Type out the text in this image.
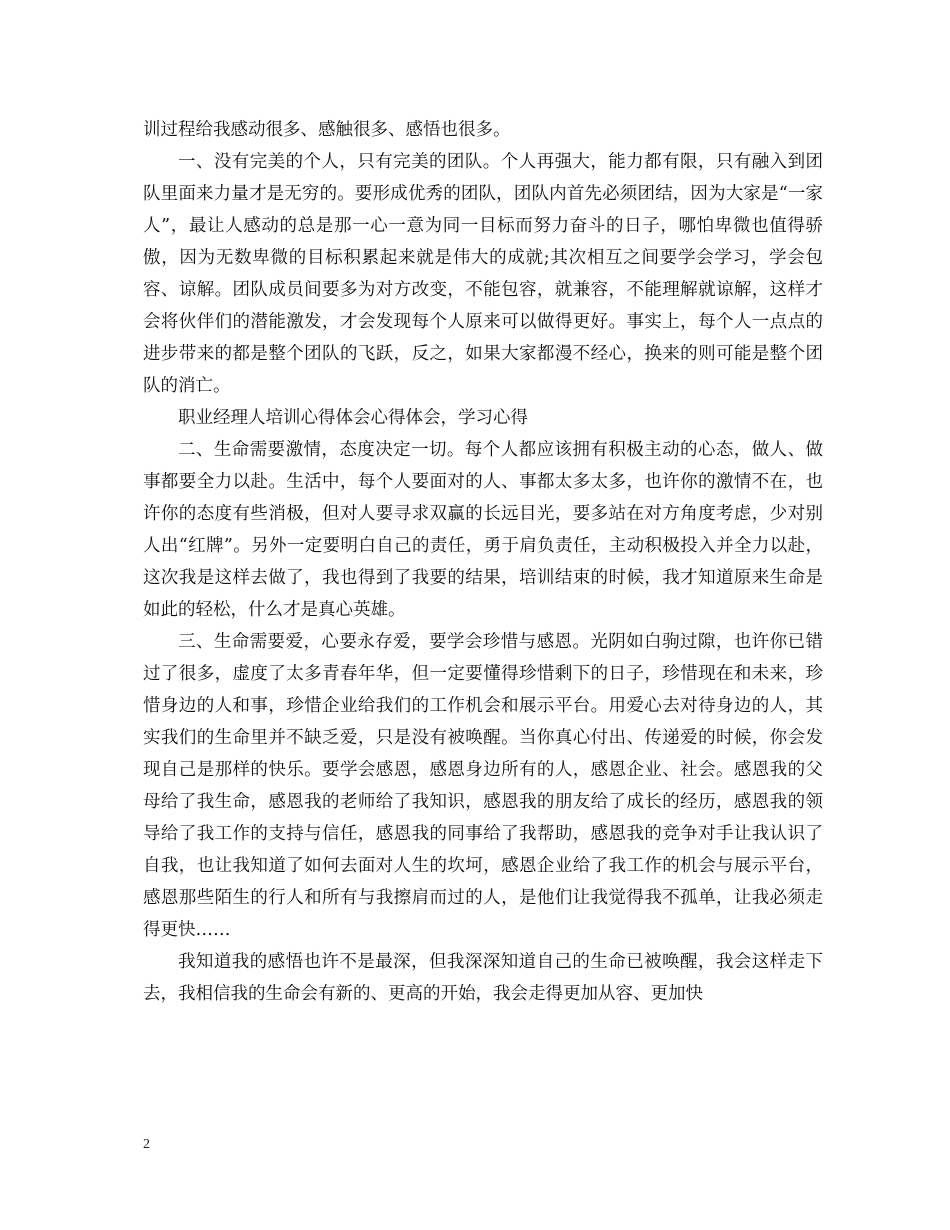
训过程给我感动很多、感触很多、感悟也很多。

一、没有完美的个人，只有完美的团队。个人再强大，能力都有限，只有融入到团队里面来力量才是无穷的。要形成优秀的团队，团队内首先必须团结，因为大家是“一家人”，最让人感动的总是那一心一意为同一目标而努力奋斗的日子，哪怕卑微也值得骄傲，因为无数卑微的目标积累起来就是伟大的成就;其次相互之间要学会学习，学会包容、谅解。团队成员间要多为对方改变，不能包容，就兼容，不能理解就谅解，这样才会将伙伴们的潜能激发，才会发现每个人原来可以做得更好。事实上，每个人一点点的进步带来的都是整个团队的飞跃，反之，如果大家都漫不经心，换来的则可能是整个团队的消亡。

职业经理人培训心得体会心得体会，学习心得

二、生命需要激情，态度决定一切。每个人都应该拥有积极主动的心态，做人、做事都要全力以赴。生活中，每个人要面对的人、事都太多太多，也许你的激情不在，也许你的态度有些消极，但对人要寻求双赢的长远目光，要多站在对方角度考虑，少对别人出“红牌”。另外一定要明白自己的责任，勇于肩负责任，主动积极投入并全力以赴，这次我是这样去做了，我也得到了我要的结果，培训结束的时候，我才知道原来生命是如此的轻松，什么才是真心英雄。

三、生命需要爱，心要永存爱，要学会珍惜与感恩。光阴如白驹过隙，也许你已错过了很多，虚度了太多青春年华，但一定要懂得珍惜剩下的日子，珍惜现在和未来，珍惜身边的人和事，珍惜企业给我们的工作机会和展示平台。用爱心去对待身边的人，其实我们的生命里并不缺乏爱，只是没有被唤醒。当你真心付出、传递爱的时候，你会发现自己是那样的快乐。要学会感恩，感恩身边所有的人，感恩企业、社会。感恩我的父母给了我生命，感恩我的老师给了我知识，感恩我的朋友给了成长的经历，感恩我的领导给了我工作的支持与信任，感恩我的同事给了我帮助，感恩我的竞争对手让我认识了自我，也让我知道了如何去面对人生的坎坷，感恩企业给了我工作的机会与展示平台，感恩那些陌生的行人和所有与我擦肩而过的人，是他们让我觉得我不孤单，让我必须走得更快……

我知道我的感悟也许不是最深，但我深深知道自己的生命已被唤醒，我会这样走下去，我相信我的生命会有新的、更高的开始，我会走得更加从容、更加快

2
